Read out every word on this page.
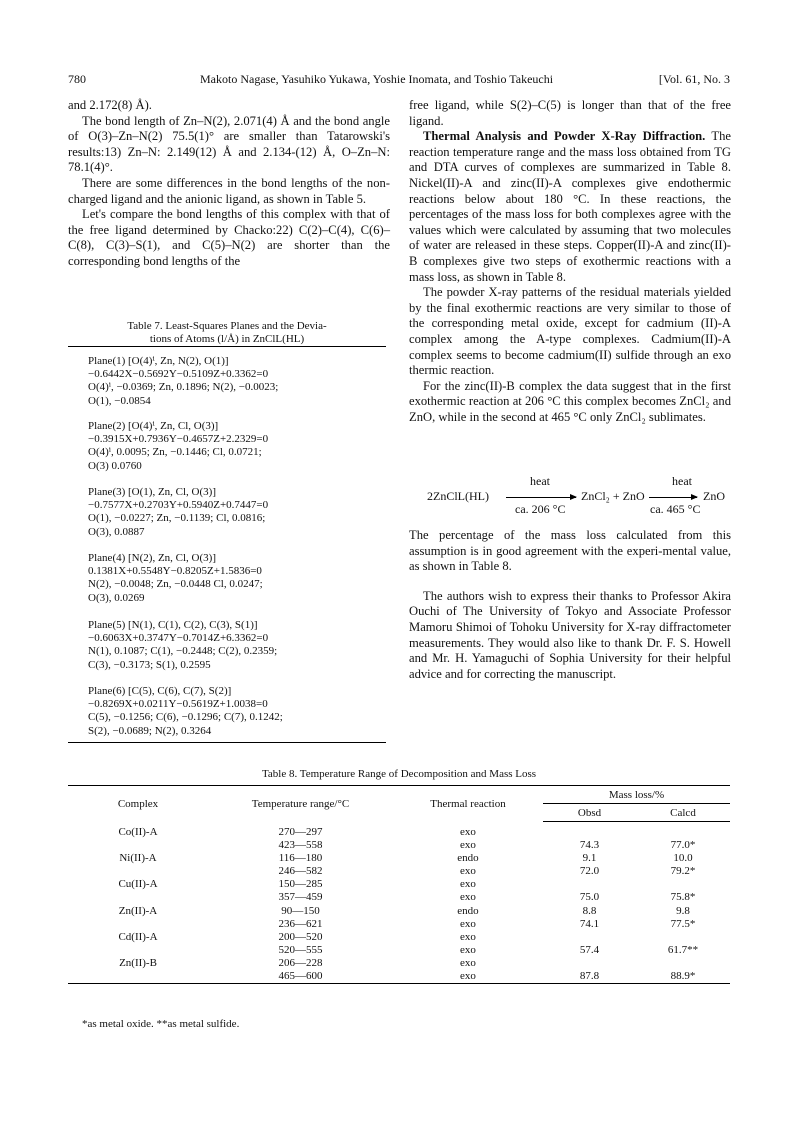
780	Makoto Nagase, Yasuhiko Yukawa, Yoshie Inomata, and Toshio Takeuchi	[Vol. 61, No. 3

and 2.172(8) Å).

The bond length of Zn–N(2), 2.071(4) Å and the bond angle of O(3)–Zn–N(2) 75.5(1)° are smaller than Tatarowski's results:13) Zn–N: 2.149(12) Å and 2.134-(12) Å, O–Zn–N: 78.1(4)°.

There are some differences in the bond lengths of the non-charged ligand and the anionic ligand, as shown in Table 5.

Let's compare the bond lengths of this complex with that of the free ligand determined by Chacko:22) C(2)–C(4), C(6)–C(8), C(3)–S(1), and C(5)–N(2) are shorter than the corresponding bond lengths of the

Table 7. Least-Squares Planes and the Devia-
tions of Atoms (l/Å) in ZnClL(HL)
Plane(1) [O(4)ⁱ, Zn, N(2), O(1)]
−0.6442X−0.5692Y−0.5109Z+0.3362=0
O(4)ⁱ, −0.0369; Zn, 0.1896; N(2), −0.0023;
O(1), −0.0854
Plane(2) [O(4)ⁱ, Zn, Cl, O(3)]
−0.3915X+0.7936Y−0.4657Z+2.2329=0
O(4)ⁱ, 0.0095; Zn, −0.1446; Cl, 0.0721;
O(3) 0.0760
Plane(3) [O(1), Zn, Cl, O(3)]
−0.7577X+0.2703Y+0.5940Z+0.7447=0
O(1), −0.0227; Zn, −0.1139; Cl, 0.0816;
O(3), 0.0887
Plane(4) [N(2), Zn, Cl, O(3)]
0.1381X+0.5548Y−0.8205Z+1.5836=0
N(2), −0.0048; Zn, −0.0448 Cl, 0.0247;
O(3), 0.0269
Plane(5) [N(1), C(1), C(2), C(3), S(1)]
−0.6063X+0.3747Y−0.7014Z+6.3362=0
N(1), 0.1087; C(1), −0.2448; C(2), 0.2359;
C(3), −0.3173; S(1), 0.2595
Plane(6) [C(5), C(6), C(7), S(2)]
−0.8269X+0.0211Y−0.5619Z+1.0038=0
C(5), −0.1256; C(6), −0.1296; C(7), 0.1242;
S(2), −0.0689; N(2), 0.3264

free ligand, while S(2)–C(5) is longer than that of the free ligand.

Thermal Analysis and Powder X-Ray Diffraction. The reaction temperature range and the mass loss obtained from TG and DTA curves of complexes are summarized in Table 8. Nickel(II)-A and zinc(II)-A complexes give endothermic reactions below about 180 °C. In these reactions, the percentages of the mass loss for both complexes agree with the values which were calculated by assuming that two molecules of water are released in these steps. Copper(II)-A and zinc(II)-B complexes give two steps of exothermic reactions with a mass loss, as shown in Table 8.

The powder X-ray patterns of the residual materials yielded by the final exothermic reactions are very similar to those of the corresponding metal oxide, except for cadmium (II)-A complex among the A-type complexes. Cadmium(II)-A complex seems to become cadmium(II) sulfide through an exo thermic reaction.

For the zinc(II)-B complex the data suggest that in the first exothermic reaction at 206 °C this complex becomes ZnCl₂ and ZnO, while in the second at 465 °C only ZnCl₂ sublimates.

2ZnClL(HL)
heat
ca. 206 °C
ZnCl₂ + ZnO
heat
ca. 465 °C
ZnO

The percentage of the mass loss calculated from this assumption is in good agreement with the experi-mental value, as shown in Table 8.

The authors wish to express their thanks to Professor Akira Ouchi of The University of Tokyo and Associate Professor Mamoru Shimoi of Tohoku University for X-ray diffractometer measurements. They would also like to thank Dr. F. S. Howell and Mr. H. Yamaguchi of Sophia University for their helpful advice and for correcting the manuscript.

Table 8. Temperature Range of Decomposition and Mass Loss
Complex	Temperature range/°C	Thermal reaction	Mass loss/%	
			Obsd	Calcd

Co(II)-A	270—297	exo		
	423—558	exo	74.3	77.0*
Ni(II)-A	116—180	endo	9.1	10.0
	246—582	exo	72.0	79.2*
Cu(II)-A	150—285	exo		
	357—459	exo	75.0	75.8*
Zn(II)-A	90—150	endo	8.8	9.8
	236—621	exo	74.1	77.5*
Cd(II)-A	200—520	exo		
	520—555	exo	57.4	61.7**
Zn(II)-B	206—228	exo		
	465—600	exo	87.8	88.9*
*as metal oxide. **as metal sulfide.
